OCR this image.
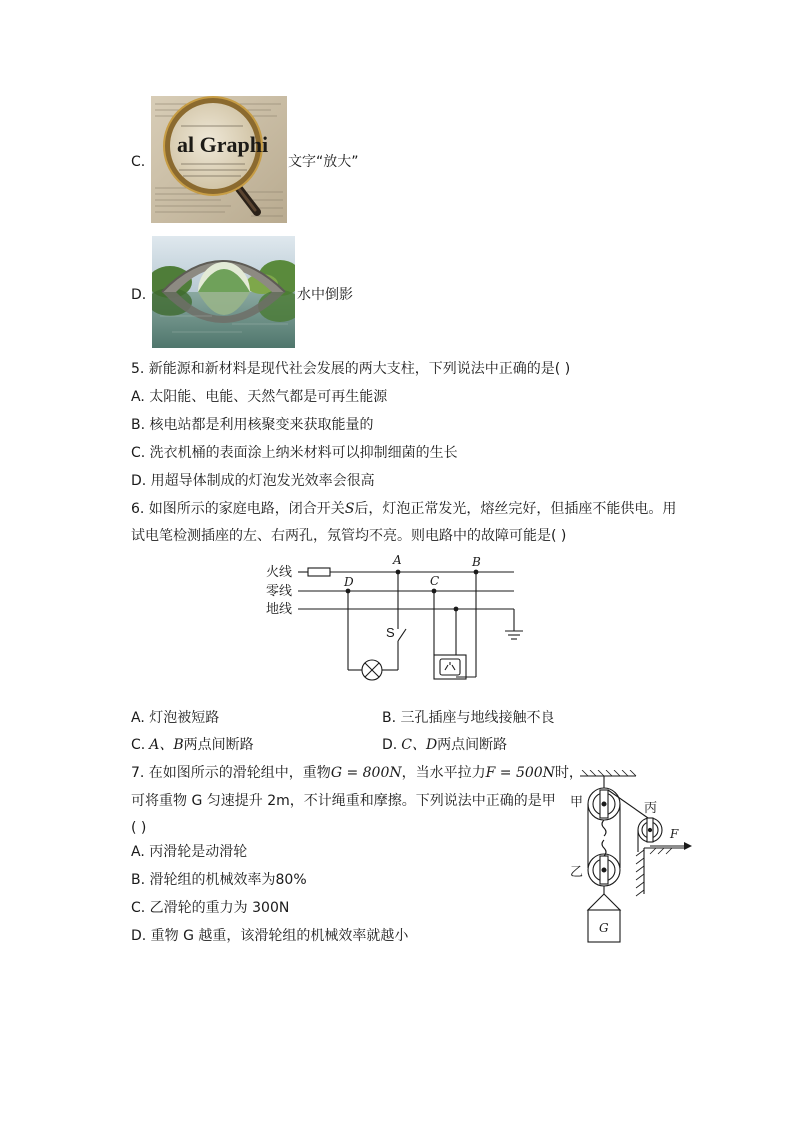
C.
al Graphi
文字“放大”
D.	水中倒影
5. 新能源和新材料是现代社会发展的两大支柱，下列说法中正确的是( )
A. 太阳能、电能、天然气都是可再生能源
B. 核电站都是利用核聚变来获取能量的
C. 洗衣机桶的表面涂上纳米材料可以抑制细菌的生长
D. 用超导体制成的灯泡发光效率会很高
6. 如图所示的家庭电路，闭合开关S后，灯泡正常发光，熔丝完好，但插座不能供电。用
试电笔检测插座的左、右两孔，氖管均不亮。则电路中的故障可能是( )
火线
零线
地线
A	B
C
D
S
A. 灯泡被短路	B. 三孔插座与地线接触不良
C. A、B两点间断路	D. C、D两点间断路
7. 在如图所示的滑轮组中，重物G = 800N，当水平拉力F = 500N时，
可将重物 G 匀速提升 2m，不计绳重和摩擦。下列说法中正确的是甲
( )
A. 丙滑轮是动滑轮
B. 滑轮组的机械效率为80%
C. 乙滑轮的重力为 300N
D. 重物 G 越重，该滑轮组的机械效率就越小
甲
乙
丙
F
G
